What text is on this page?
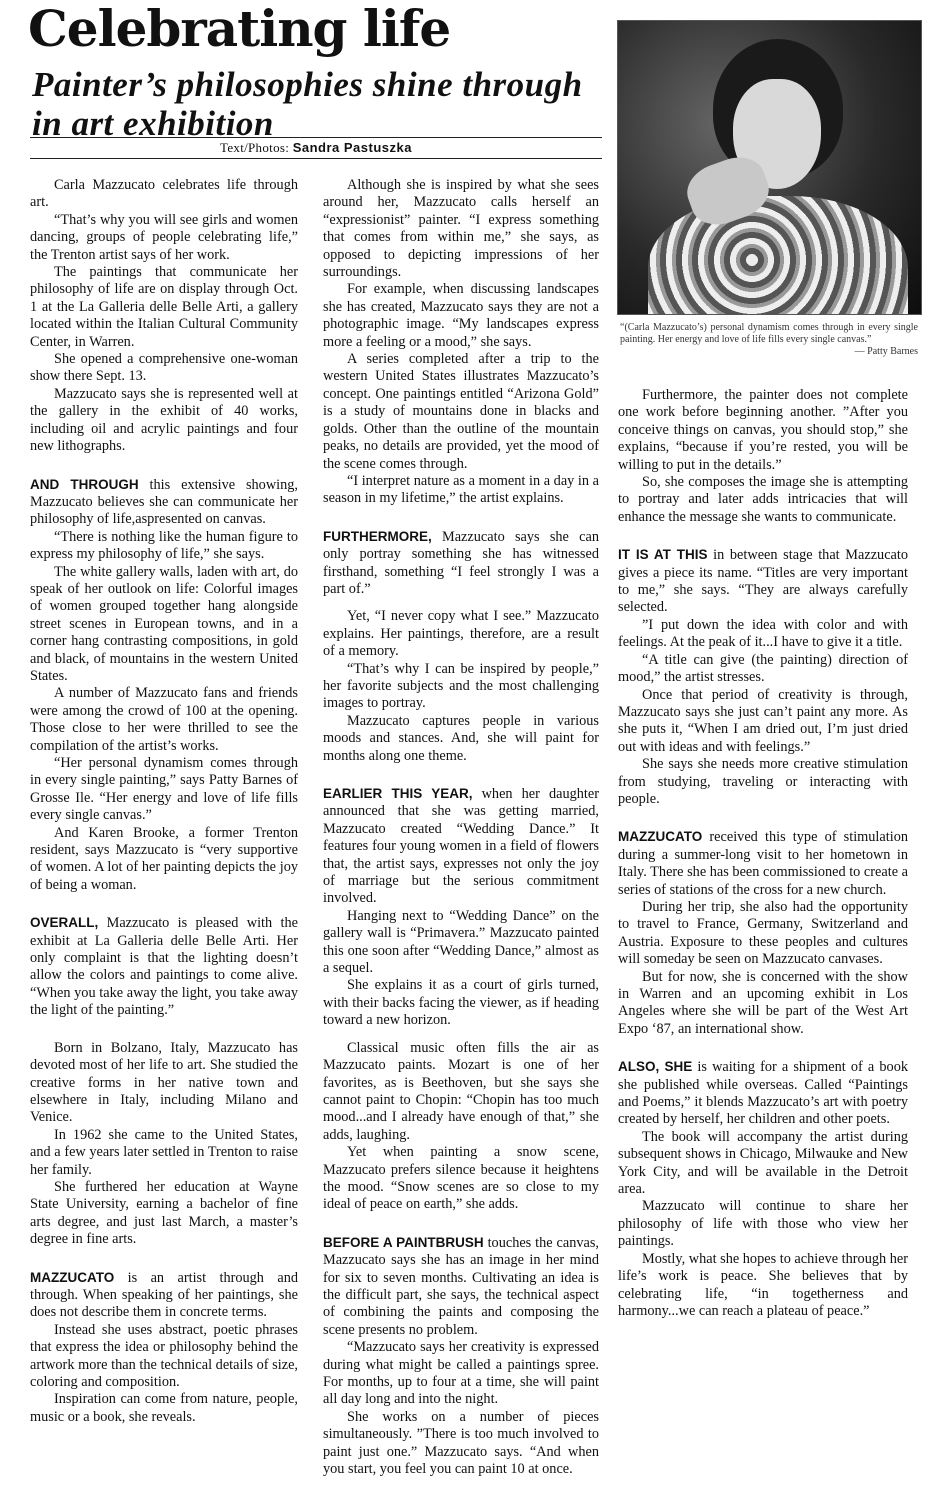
Celebrating life
Painter’s philosophies shine through in art exhibition
Text/Photos: Sandra Pastuszka

“(Carla Mazzucato’s) personal dynamism comes through in every single painting. Her energy and love of life fills every single canvas.”
— Patty Barnes

Carla Mazzucato celebrates life through art.

“That’s why you will see girls and women dancing, groups of people celebrating life,” the Trenton artist says of her work.

The paintings that communicate her philosophy of life are on display through Oct. 1 at the La Galleria delle Belle Arti, a gallery located within the Italian Cultural Community Center, in Warren.

She opened a comprehensive one-woman show there Sept. 13.

Mazzucato says she is represented well at the gallery in the exhibit of 40 works, including oil and acrylic paintings and four new lithographs.

AND THROUGH this extensive showing, Mazzucato believes she can communicate her philosophy of life,aspresented on canvas.

“There is nothing like the human figure to express my philosophy of life,” she says.

The white gallery walls, laden with art, do speak of her outlook on life: Colorful images of women grouped together hang alongside street scenes in European towns, and in a corner hang contrasting compositions, in gold and black, of mountains in the western United States.

A number of Mazzucato fans and friends were among the crowd of 100 at the opening. Those close to her were thrilled to see the compilation of the artist’s works.

“Her personal dynamism comes through in every single painting,” says Patty Barnes of Grosse Ile. “Her energy and love of life fills every single canvas.”

And Karen Brooke, a former Trenton resident, says Mazzucato is “very supportive of women. A lot of her painting depicts the joy of being a woman.

OVERALL, Mazzucato is pleased with the exhibit at La Galleria delle Belle Arti. Her only complaint is that the lighting doesn’t allow the colors and paintings to come alive. “When you take away the light, you take away the light of the painting.”

Born in Bolzano, Italy, Mazzucato has devoted most of her life to art. She studied the creative forms in her native town and elsewhere in Italy, including Milano and Venice.

In 1962 she came to the United States, and a few years later settled in Trenton to raise her family.

She furthered her education at Wayne State University, earning a bachelor of fine arts degree, and just last March, a master’s degree in fine arts.

MAZZUCATO is an artist through and through. When speaking of her paintings, she does not describe them in concrete terms.

Instead she uses abstract, poetic phrases that express the idea or philosophy behind the artwork more than the technical details of size, coloring and composition.

Inspiration can come from nature, people, music or a book, she reveals.

Although she is inspired by what she sees around her, Mazzucato calls herself an “expressionist” painter. “I express something that comes from within me,” she says, as opposed to depicting impressions of her surroundings.

For example, when discussing landscapes she has created, Mazzucato says they are not a photographic image. “My landscapes express more a feeling or a mood,” she says.

A series completed after a trip to the western United States illustrates Mazzucato’s concept. One paintings entitled “Arizona Gold” is a study of mountains done in blacks and golds. Other than the outline of the mountain peaks, no details are provided, yet the mood of the scene comes through.

“I interpret nature as a moment in a day in a season in my lifetime,” the artist explains.

FURTHERMORE, Mazzucato says she can only portray something she has witnessed firsthand, something “I feel strongly I was a part of.”

Yet, “I never copy what I see.” Mazzucato explains. Her paintings, therefore, are a result of a memory.

“That’s why I can be inspired by people,” her favorite subjects and the most challenging images to portray.

Mazzucato captures people in various moods and stances. And, she will paint for months along one theme.

EARLIER THIS YEAR, when her daughter announced that she was getting married, Mazzucato created “Wedding Dance.” It features four young women in a field of flowers that, the artist says, expresses not only the joy of marriage but the serious commitment involved.

Hanging next to “Wedding Dance” on the gallery wall is “Primavera.” Mazzucato painted this one soon after “Wedding Dance,” almost as a sequel.

She explains it as a court of girls turned, with their backs facing the viewer, as if heading toward a new horizon.

Classical music often fills the air as Mazzucato paints. Mozart is one of her favorites, as is Beethoven, but she says she cannot paint to Chopin: “Chopin has too much mood...and I already have enough of that,” she adds, laughing.

Yet when painting a snow scene, Mazzucato prefers silence because it heightens the mood. “Snow scenes are so close to my ideal of peace on earth,” she adds.

BEFORE A PAINTBRUSH touches the canvas, Mazzucato says she has an image in her mind for six to seven months. Cultivating an idea is the difficult part, she says, the technical aspect of combining the paints and composing the scene presents no problem.

“Mazzucato says her creativity is expressed during what might be called a paintings spree. For months, up to four at a time, she will paint all day long and into the night.

She works on a number of pieces simultaneously. ”There is too much involved to paint just one.” Mazzucato says. “And when you start, you feel you can paint 10 at once.

Furthermore, the painter does not complete one work before beginning another. ”After you conceive things on canvas, you should stop,” she explains, “because if you’re rested, you will be willing to put in the details.”

So, she composes the image she is attempting to portray and later adds intricacies that will enhance the message she wants to communicate.

IT IS AT THIS in between stage that Mazzucato gives a piece its name. “Titles are very important to me,” she says. “They are always carefully selected.

”I put down the idea with color and with feelings. At the peak of it...I have to give it a title.

“A title can give (the painting) direction of mood,” the artist stresses.

Once that period of creativity is through, Mazzucato says she just can’t paint any more. As she puts it, “When I am dried out, I’m just dried out with ideas and with feelings.”

She says she needs more creative stimulation from studying, traveling or interacting with people.

MAZZUCATO received this type of stimulation during a summer-long visit to her hometown in Italy. There she has been commissioned to create a series of stations of the cross for a new church.

During her trip, she also had the opportunity to travel to France, Germany, Switzerland and Austria. Exposure to these peoples and cultures will someday be seen on Mazzucato canvases.

But for now, she is concerned with the show in Warren and an upcoming exhibit in Los Angeles where she will be part of the West Art Expo ‘87, an international show.

ALSO, SHE is waiting for a shipment of a book she published while overseas. Called “Paintings and Poems,” it blends Mazzucato’s art with poetry created by herself, her children and other poets.

The book will accompany the artist during subsequent shows in Chicago, Milwauke and New York City, and will be available in the Detroit area.

Mazzucato will continue to share her philosophy of life with those who view her paintings.

Mostly, what she hopes to achieve through her life’s work is peace. She believes that by celebrating life, “in togetherness and harmony...we can reach a plateau of peace.”
